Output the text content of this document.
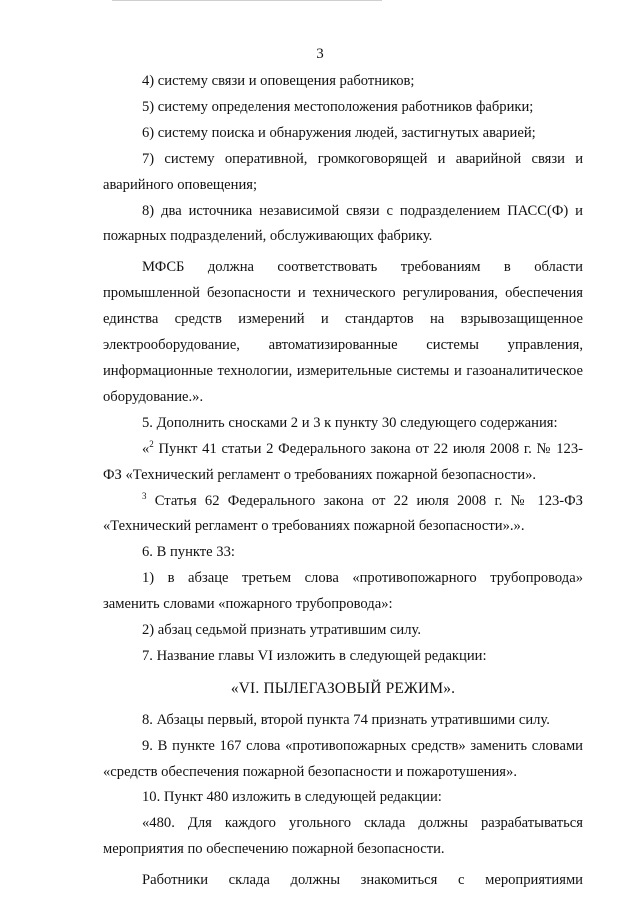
3

4) систему связи и оповещения работников;

5) систему определения местоположения работников фабрики;

6) систему поиска и обнаружения людей, застигнутых аварией;

7) систему оперативной, громкоговорящей и аварийной связи и аварийного оповещения;

8) два источника независимой связи с подразделением ПАСС(Ф) и пожарных подразделений, обслуживающих фабрику.

МФСБ должна соответствовать требованиям в области промышленной безопасности и технического регулирования, обеспечения единства средств измерений и стандартов на взрывозащищенное электрооборудование, автоматизированные системы управления, информационные технологии, измерительные системы и газоаналитическое оборудование.».

5. Дополнить сносками 2 и 3 к пункту 30 следующего содержания:

«$^2$ Пункт 41 статьи 2 Федерального закона от 22 июля 2008 г. № 123-ФЗ «Технический регламент о требованиях пожарной безопасности».

$^3$ Статья 62 Федерального закона от 22 июля 2008 г. № 123-ФЗ «Технический регламент о требованиях пожарной безопасности».».

6. В пункте 33:

1) в абзаце третьем слова «противопожарного трубопровода» заменить словами «пожарного трубопровода»:

2) абзац седьмой признать утратившим силу.

7. Название главы VI изложить в следующей редакции:

«VI. ПЫЛЕГАЗОВЫЙ РЕЖИМ».

8. Абзацы первый, второй пункта 74 признать утратившими силу.

9. В пункте 167 слова «противопожарных средств» заменить словами «средств обеспечения пожарной безопасности и пожаротушения».

10. Пункт 480 изложить в следующей редакции:

«480. Для каждого угольного склада должны разрабатываться мероприятия по обеспечению пожарной безопасности.

Работники склада должны знакомиться с мероприятиями
